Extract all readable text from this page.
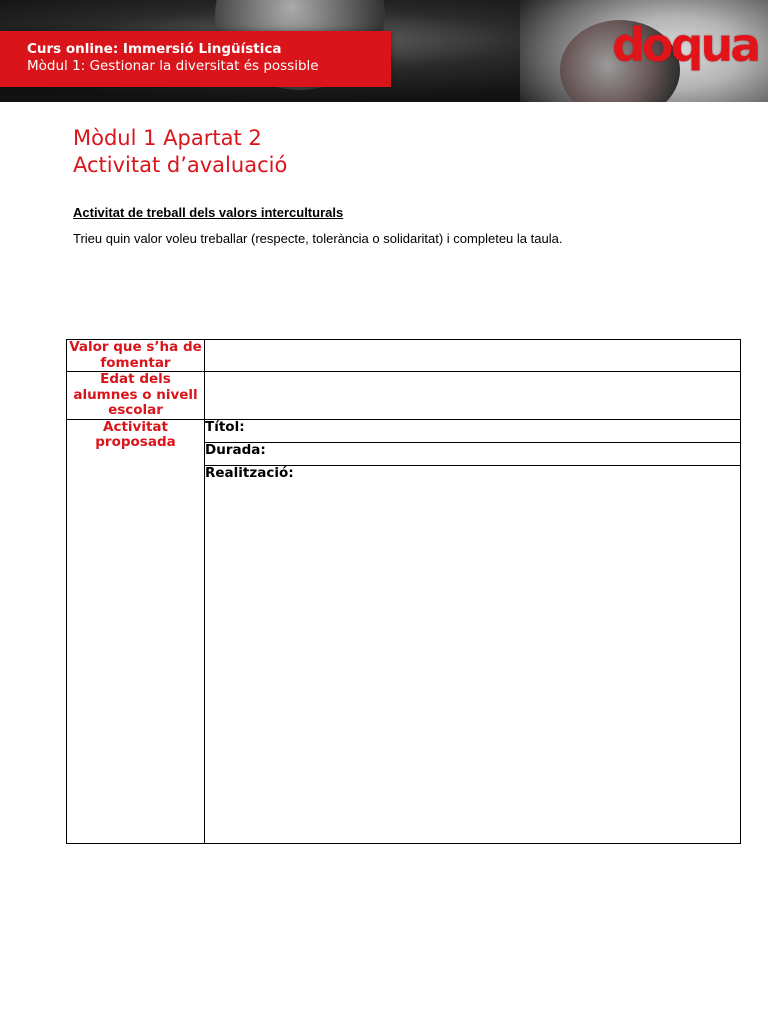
Curs online: Immersió Lingüística
Mòdul 1: Gestionar la diversitat és possible	doqua
Mòdul 1 Apartat 2
Activitat d’avaluació
Activitat de treball dels valors interculturals
Trieu quin valor voleu treballar (respecte, tolerància o solidaritat) i completeu la taula.
Valor que s’ha de fomentar	
Edat dels alumnes o nivell escolar	
Activitat proposada	Títol:
	Durada:
	Realització:
